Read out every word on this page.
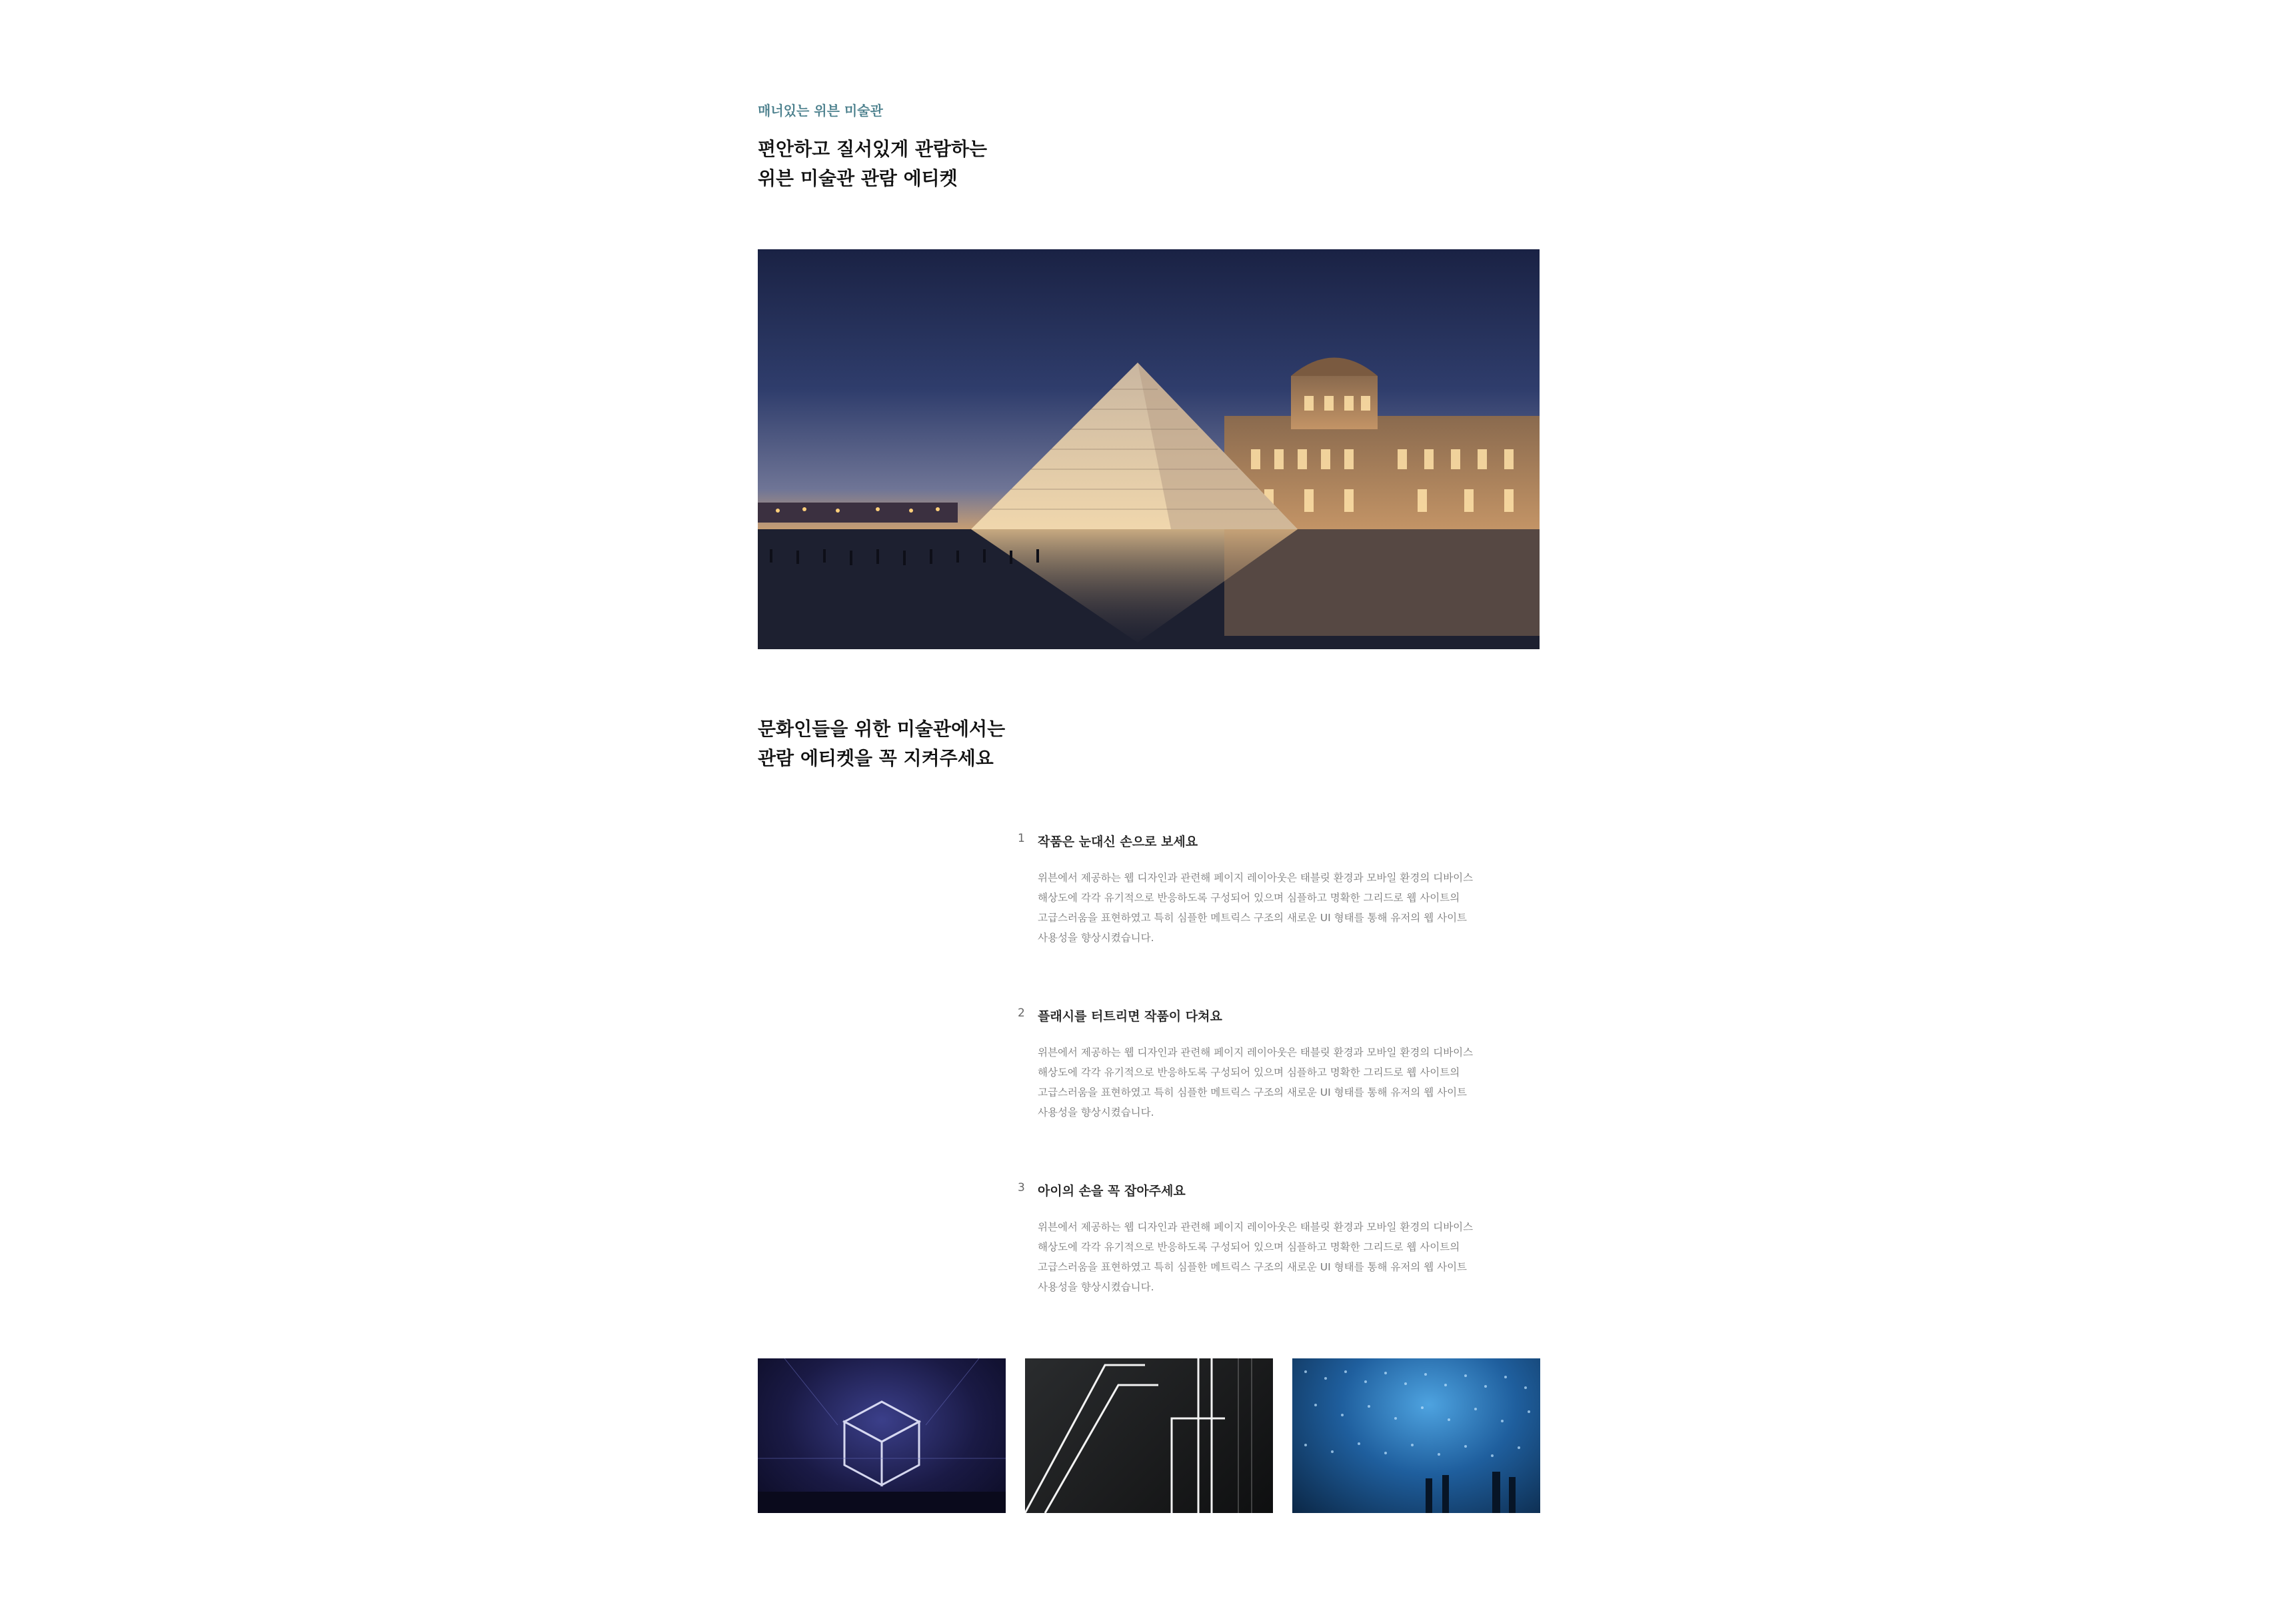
매너있는 위븐 미술관
편안하고 질서있게 관람하는
위븐 미술관 관람 에티켓
문화인들을 위한 미술관에서는
관람 에티켓을 꼭 지켜주세요
1 작품은 눈대신 손으로 보세요
위븐에서 제공하는 웹 디자인과 관련해 페이지 레이아웃은 태블릿 환경과 모바일 환경의 디바이스
해상도에 각각 유기적으로 반응하도록 구성되어 있으며 심플하고 명확한 그리드로 웹 사이트의
고급스러움을 표현하였고 특히 심플한 메트릭스 구조의 새로운 UI 형태를 통해 유저의 웹 사이트
사용성을 향상시켰습니다.
2 플래시를 터트리면 작품이 다쳐요
위븐에서 제공하는 웹 디자인과 관련해 페이지 레이아웃은 태블릿 환경과 모바일 환경의 디바이스
해상도에 각각 유기적으로 반응하도록 구성되어 있으며 심플하고 명확한 그리드로 웹 사이트의
고급스러움을 표현하였고 특히 심플한 메트릭스 구조의 새로운 UI 형태를 통해 유저의 웹 사이트
사용성을 향상시켰습니다.
3 아이의 손을 꼭 잡아주세요
위븐에서 제공하는 웹 디자인과 관련해 페이지 레이아웃은 태블릿 환경과 모바일 환경의 디바이스
해상도에 각각 유기적으로 반응하도록 구성되어 있으며 심플하고 명확한 그리드로 웹 사이트의
고급스러움을 표현하였고 특히 심플한 메트릭스 구조의 새로운 UI 형태를 통해 유저의 웹 사이트
사용성을 향상시켰습니다.
